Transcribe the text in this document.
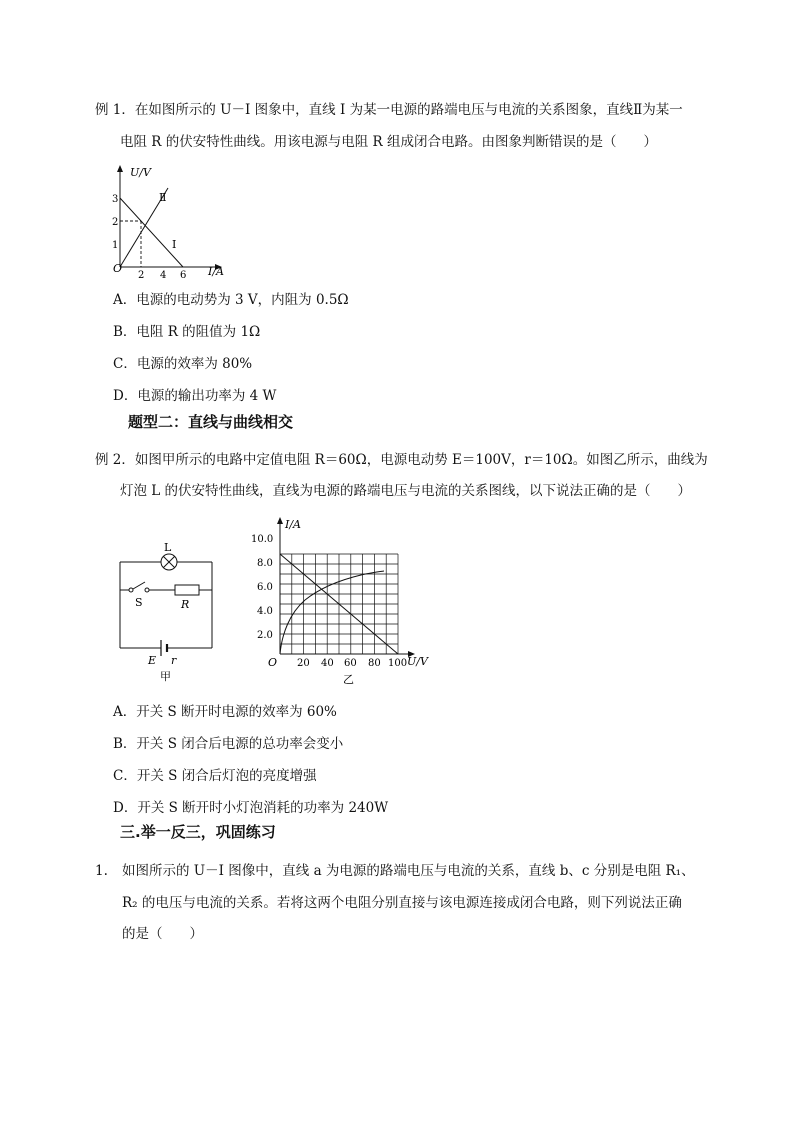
例 1．在如图所示的 U－I 图象中，直线 I 为某一电源的路端电压与电流的关系图象，直线Ⅱ为某一
电阻 R 的伏安特性曲线。用该电源与电阻 R 组成闭合电路。由图象判断错误的是（　　）
U/V
I/A
O
1
2
3
2 4 6
I
Ⅱ
A．电源的电动势为 3 V，内阻为 0.5Ω
B．电阻 R 的阻值为 1Ω
C．电源的效率为 80%
D．电源的输出功率为 4 W
题型二：直线与曲线相交
例 2．如图甲所示的电路中定值电阻 R＝60Ω，电源电动势 E＝100V，r＝10Ω。如图乙所示，曲线为
灯泡 L 的伏安特性曲线，直线为电源的路端电压与电流的关系图线，以下说法正确的是（　　）
L
S	R
E r
甲
I/A
U/V
O
2.0
4.0
6.0
8.0
10.0
20 40 60 80 100
乙
A．开关 S 断开时电源的效率为 60%
B．开关 S 闭合后电源的总功率会变小
C．开关 S 闭合后灯泡的亮度增强
D．开关 S 断开时小灯泡消耗的功率为 240W
三.举一反三，巩固练习
1. 如图所示的 U－I 图像中，直线 a 为电源的路端电压与电流的关系，直线 b、c 分别是电阻 R₁、
R₂ 的电压与电流的关系。若将这两个电阻分别直接与该电源连接成闭合电路，则下列说法正确
的是（　　）
